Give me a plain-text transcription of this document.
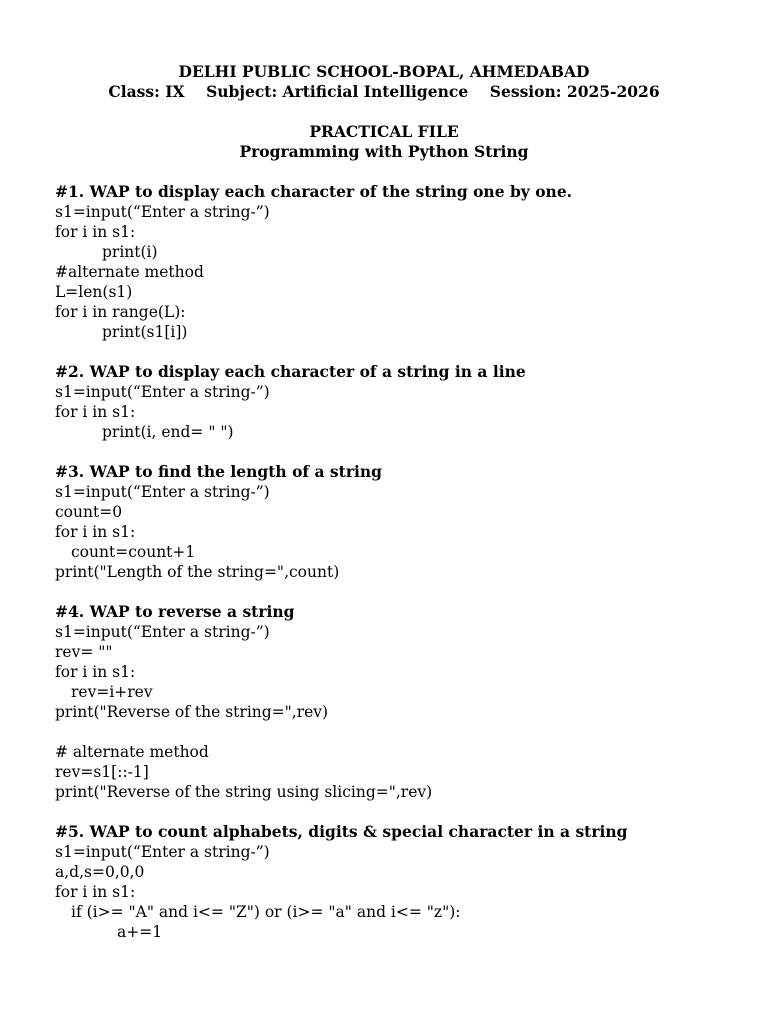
DELHI PUBLIC SCHOOL-BOPAL, AHMEDABAD
Class: IX    Subject: Artificial Intelligence    Session: 2025-2026
PRACTICAL FILE
Programming with Python String
#1. WAP to display each character of the string one by one.
s1=input(“Enter a string-”)
for i in s1:
print(i)
#alternate method
L=len(s1)
for i in range(L):
print(s1[i])
#2. WAP to display each character of a string in a line
s1=input(“Enter a string-”)
for i in s1:
print(i, end= " ")
#3. WAP to find the length of a string
s1=input(“Enter a string-”)
count=0
for i in s1:
count=count+1
print("Length of the string=",count)
#4. WAP to reverse a string
s1=input(“Enter a string-”)
rev= ""
for i in s1:
rev=i+rev
print("Reverse of the string=",rev)
# alternate method
rev=s1[::-1]
print("Reverse of the string using slicing=",rev)
#5. WAP to count alphabets, digits & special character in a string
s1=input(“Enter a string-”)
a,d,s=0,0,0
for i in s1:
if (i>= "A" and i<= "Z") or (i>= "a" and i<= "z"):
a+=1
